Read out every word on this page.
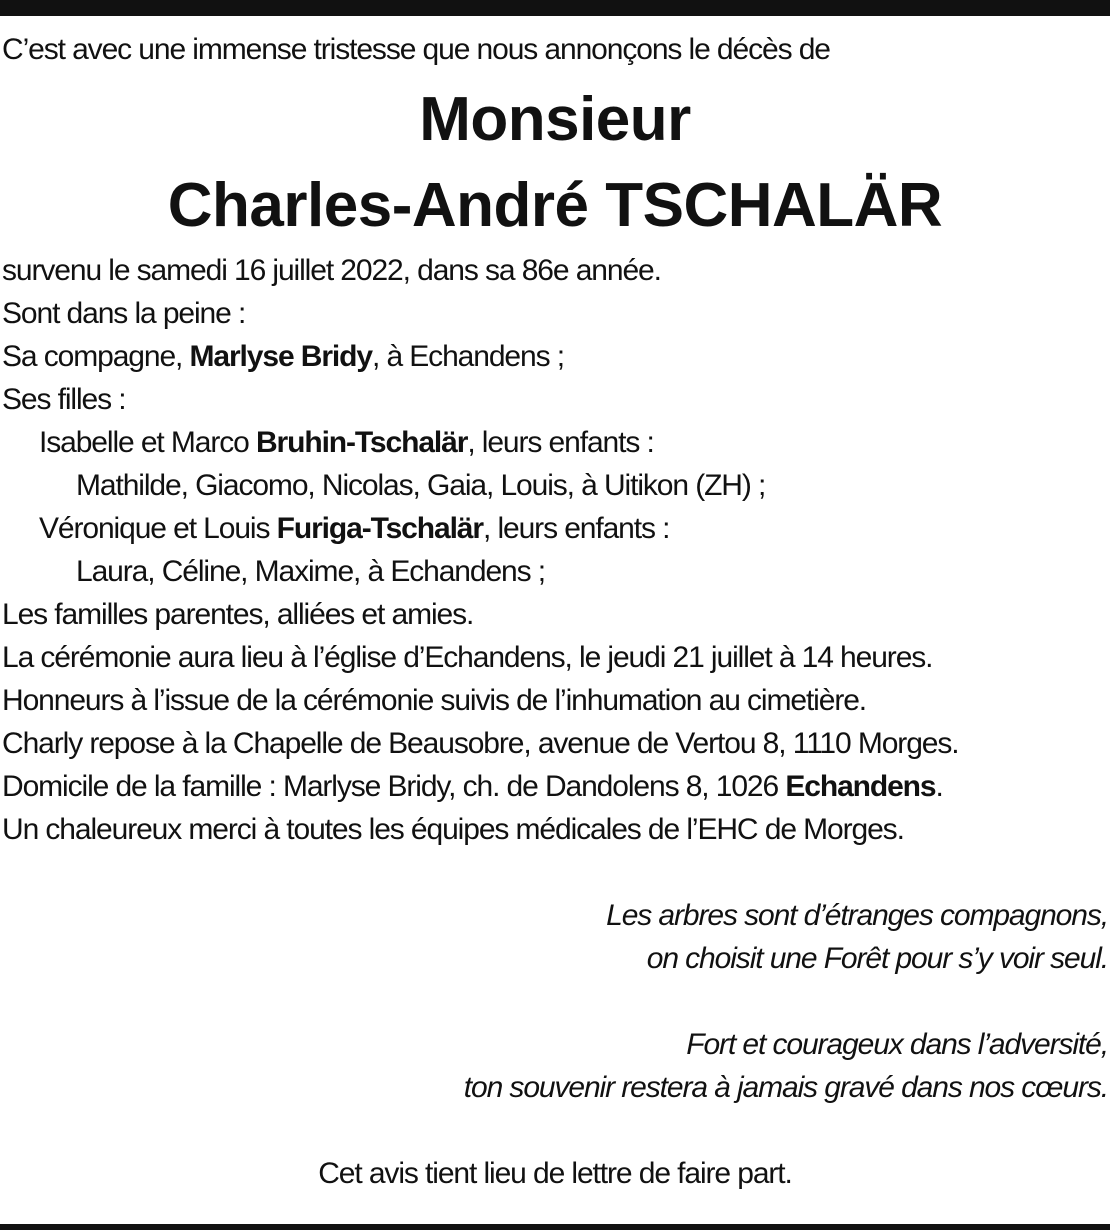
C’est avec une immense tristesse que nous annonçons le décès de
Monsieur
Charles-André TSCHALÄR
survenu le samedi 16 juillet 2022, dans sa 86e année.
Sont dans la peine :
Sa compagne, Marlyse Bridy, à Echandens ;
Ses filles :
Isabelle et Marco Bruhin-Tschalär, leurs enfants :
Mathilde, Giacomo, Nicolas, Gaia, Louis, à Uitikon (ZH) ;
Véronique et Louis Furiga-Tschalär, leurs enfants :
Laura, Céline, Maxime, à Echandens ;
Les familles parentes, alliées et amies.
La cérémonie aura lieu à l’église d’Echandens, le jeudi 21 juillet à 14 heures.
Honneurs à l’issue de la cérémonie suivis de l’inhumation au cimetière.
Charly repose à la Chapelle de Beausobre, avenue de Vertou 8, 1110 Morges.
Domicile de la famille : Marlyse Bridy, ch. de Dandolens 8, 1026 Echandens.
Un chaleureux merci à toutes les équipes médicales de l’EHC de Morges.
Les arbres sont d’étranges compagnons,
on choisit une Forêt pour s’y voir seul.
Fort et courageux dans l’adversité,
ton souvenir restera à jamais gravé dans nos cœurs.
Cet avis tient lieu de lettre de faire part.
